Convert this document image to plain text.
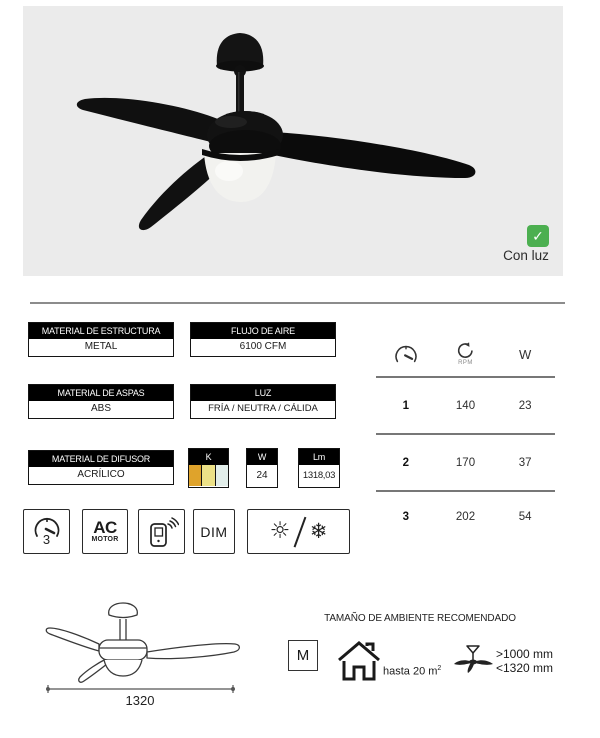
✓
Con luz
MATERIAL DE ESTRUCTURA
METAL
FLUJO DE AIRE
6100 CFM
MATERIAL DE ASPAS
ABS
LUZ
FRÍA / NEUTRA / CÁLIDA
MATERIAL DE DIFUSOR
ACRÍLICO
K	W
24
Lm
1318,03
3
AC
MOTOR	DIM ☼ ❄
RPM
W
1	140	23
2	170	37
3	202	54
1320
TAMAÑO DE AMBIENTE RECOMENDADO
M
hasta 20 $m^2$
>1000 mm
<1320 mm
